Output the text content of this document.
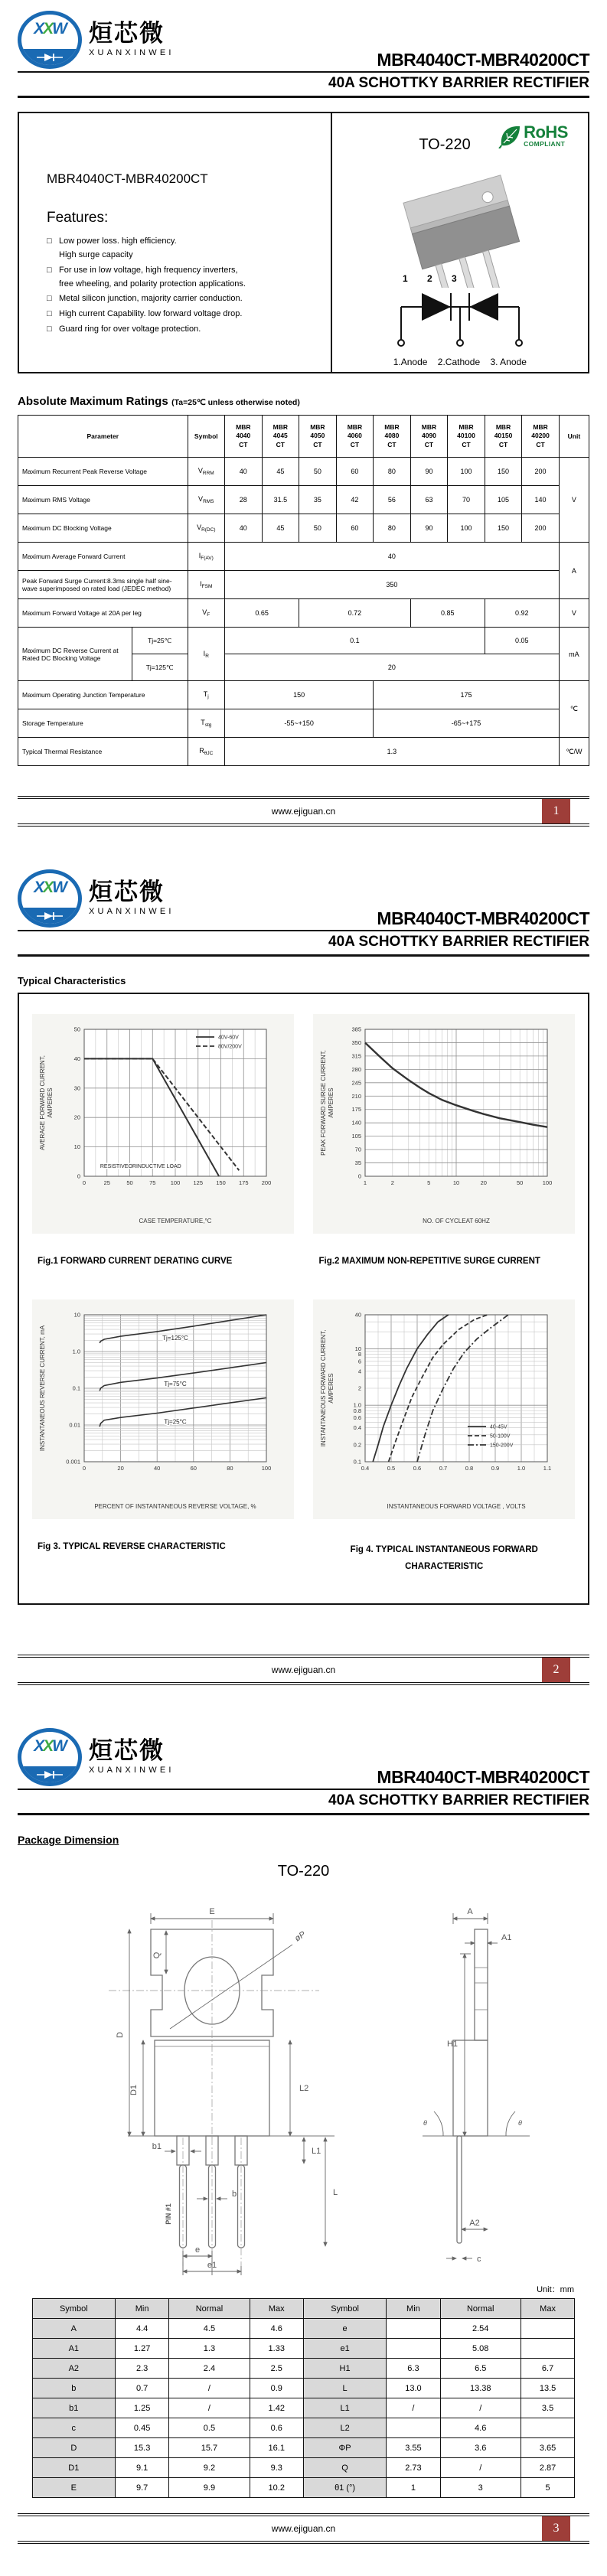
XXW 烜芯微
XUANXINWEI	MBR4040CT-MBR40200CT
40A SCHOTTKY BARRIER RECTIFIER
MBR4040CT-MBR40200CT
Features:
□ Low power loss. high efficiency.
High surge capacity
□ For use in low voltage, high frequency inverters,
free wheeling, and polarity protection applications.
□ Metal silicon junction, majority carrier conduction.
□ High current Capability. low forward voltage drop.
□ Guard ring for over voltage protection.
TO-220
RoHS
COMPLIANT
1 2 3
1.Anode    2.Cathode    3. Anode
Absolute Maximum Ratings (Ta=25℃ unless otherwise noted)
Parameter		Symbol	MBR
4040
CT	MBR
4045
CT	MBR
4050
CT	MBR
4060
CT	MBR
4080
CT	MBR
4090
CT	MBR
40100
CT	MBR
40150
CT	MBR
40200
CT	Unit
Maximum Recurrent Peak Reverse Voltage		$V_{RRM}$	40	45	50	60	80	90	100	150	200	V
Maximum RMS Voltage		$V_{RMS}$	28	31.5	35	42	56	63	70	105	140	
Maximum DC Blocking Voltage		$V_{R(DC)}$	40	45	50	60	80	90	100	150	200	
Maximum Average Forward Current		$I_{F(AV)}$	40									A
Peak Forward Surge Current:8.3ms single half sine-wave superimposed on rated load (JEDEC method)		$I_{FSM}$	350									
Maximum Forward Voltage at 20A per leg		$V_F$	0.65		0.72			0.85		0.92		V
Maximum DC Reverse Current at Rated DC Blocking Voltage	Tj=25℃	$I_R$	0.1							0.05		mA
	Tj=125℃		20									
Maximum Operating Junction Temperature		$T_j$	150				175					℃
Storage Temperature		$T_{stg}$	-55~+150				-65~+175					
Typical Thermal Resistance		$R_{\theta JC}$	1.3									℃/W
www.ejiguan.cn	1
XXW 烜芯微
XUANXINWEI	MBR4040CT-MBR40200CT
40A SCHOTTKY BARRIER RECTIFIER
Typical Characteristics
0	25	50	75	100 125 150 175 200
0
10
20
30
40
50
RESISTIVEORINDUCTIVE LOAD
40V-60V
80V/200V
CASE TEMPERATURE,°C
AVERAGE FORWARD CURRENT, AMPERES
Fig.1 FORWARD CURRENT DERATING CURVE
1	2	5	10	20	50	100
0
35
70
105
140
175
210
245
280
315
350
385
NO. OF CYCLEAT 60HZ
PEAK FORWARD SURGE CURRENT, AMPERES
Fig.2 MAXIMUM NON-REPETITIVE SURGE CURRENT
0	20	40	60	80	100
0.001
0.01
0.1
1.0
10
Tj=125°C
Tj=75°C
Tj=25°C
PERCENT OF INSTANTANEOUS REVERSE VOLTAGE, %
INSTANTANEOUS REVERSE CURRENT, mA
Fig 3. TYPICAL REVERSE CHARACTERISTIC
0.4	0.5	0.6	0.7	0.8	0.9	1.0	1.1
0.1
0.2
0.4
0.6
0.8
1.0
2
4
6
8
10
40
40-45V
50-100V
150-200V
INSTANTANEOUS FORWARD VOLTAGE , VOLTS
INSTANTANEOUS FORWARD CURRENT, AMPERES
Fig 4. TYPICAL INSTANTANEOUS FORWARD
CHARACTERISTIC
www.ejiguan.cn	2
XXW 烜芯微
XUANXINWEI	MBR4040CT-MBR40200CT
40A SCHOTTKY BARRIER RECTIFIER
Package Dimension
TO-220
E
øP
Q
D
D1	L2
L1
L
b
b1
PIN #1
e
e1
A
A1
H1
θ	θ
A2
c
Unit：mm
Symbol	Min	Normal	Max	Symbol	Min	Normal	Max
A	4.4	4.5	4.6	e		2.54	
A1	1.27	1.3	1.33	e1		5.08	
A2	2.3	2.4	2.5	H1	6.3	6.5	6.7
b	0.7	/	0.9	L	13.0	13.38	13.5
b1	1.25	/	1.42	L1	/	/	3.5
c	0.45	0.5	0.6	L2		4.6	
D	15.3	15.7	16.1	ΦP	3.55	3.6	3.65
D1	9.1	9.2	9.3	Q	2.73	/	2.87
E	9.7	9.9	10.2	θ1 (°)	1	3	5
www.ejiguan.cn	3
